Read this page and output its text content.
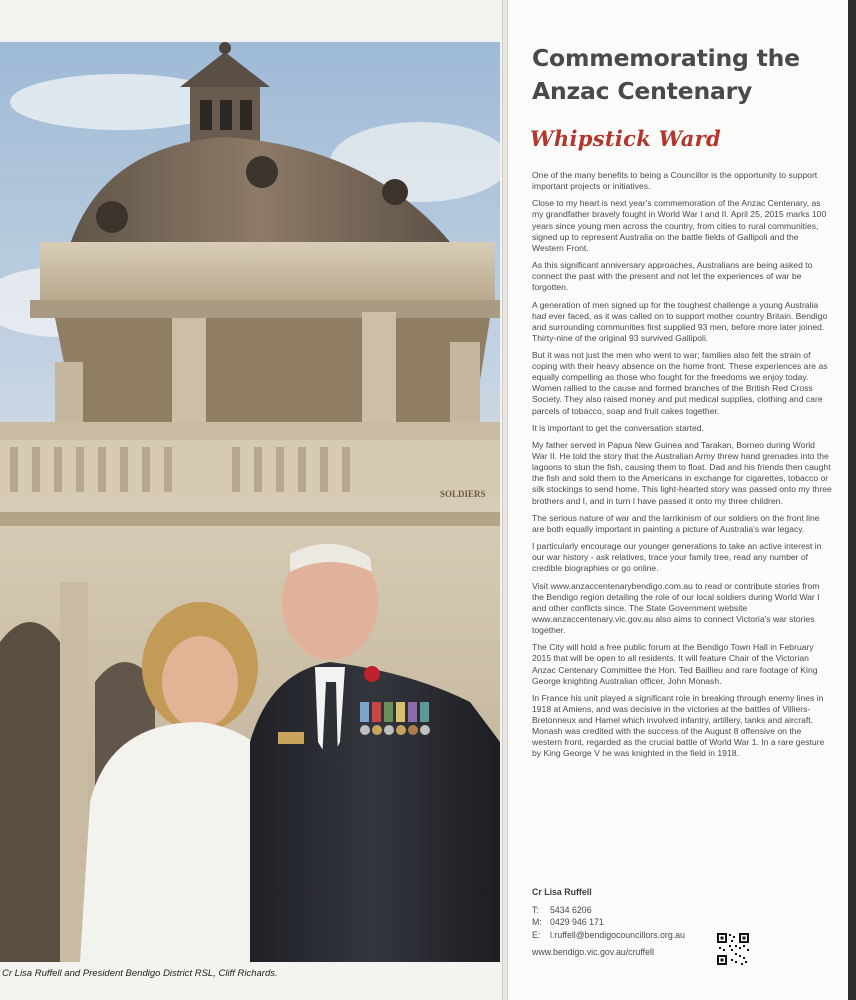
SOLDIERS
Cr Lisa Ruffell and President Bendigo District RSL, Cliff Richards.
Commemorating the Anzac Centenary
Whipstick Ward

One of the many benefits to being a Councillor is the opportunity to support important projects or initiatives.

Close to my heart is next year's commemoration of the Anzac Centenary, as my grandfather bravely fought in World War I and II. April 25, 2015 marks 100 years since young men across the country, from cities to rural communities, signed up to represent Australia on the battle fields of Gallipoli and the Western Front.

As this significant anniversary approaches, Australians are being asked to connect the past with the present and not let the experiences of war be forgotten.

A generation of men signed up for the toughest challenge a young Australia had ever faced, as it was called on to support mother country Britain. Bendigo and surrounding communities first supplied 93 men, before more later joined. Thirty-nine of the original 93 survived Gallipoli.

But it was not just the men who went to war; families also felt the strain of coping with their heavy absence on the home front. These experiences are as equally compelling as those who fought for the freedoms we enjoy today. Women rallied to the cause and formed branches of the British Red Cross Society. They also raised money and put medical supplies, clothing and care parcels of tobacco, soap and fruit cakes together.

It is important to get the conversation started.

My father served in Papua New Guinea and Tarakan, Borneo during World War II. He told the story that the Australian Army threw hand grenades into the lagoons to stun the fish, causing them to float. Dad and his friends then caught the fish and sold them to the Americans in exchange for cigarettes, tobacco or silk stockings to send home. This light-hearted story was passed onto my three brothers and I, and in turn I have passed it onto my three children.

The serious nature of war and the larrikinism of our soldiers on the front line are both equally important in painting a picture of Australia's war legacy.

I particularly encourage our younger generations to take an active interest in our war history - ask relatives, trace your family tree, read any number of credible biographies or go online.

Visit www.anzaccentenarybendigo.com.au to read or contribute stories from the Bendigo region detailing the role of our local soldiers during World War I and other conflicts since. The State Government website www.anzaccentenary.vic.gov.au also aims to connect Victoria's war stories together.

The City will hold a free public forum at the Bendigo Town Hall in February 2015 that will be open to all residents. It will feature Chair of the Victorian Anzac Centenary Committee the Hon. Ted Baillieu and rare footage of King George knighting Australian officer, John Monash.

In France his unit played a significant role in breaking through enemy lines in 1918 at Amiens, and was decisive in the victories at the battles of Villiers-Bretonneux and Hamel which involved infantry, artillery, tanks and aircraft. Monash was credited with the success of the August 8 offensive on the western front, regarded as the crucial battle of World War 1. In a rare gesture by King George V he was knighted in the field in 1918.

Cr Lisa Ruffell
T:	5434 6206
M: 0429 946 171
E:	l.ruffell@bendigocouncillors.org.au
www.bendigo.vic.gov.au/cruffell
